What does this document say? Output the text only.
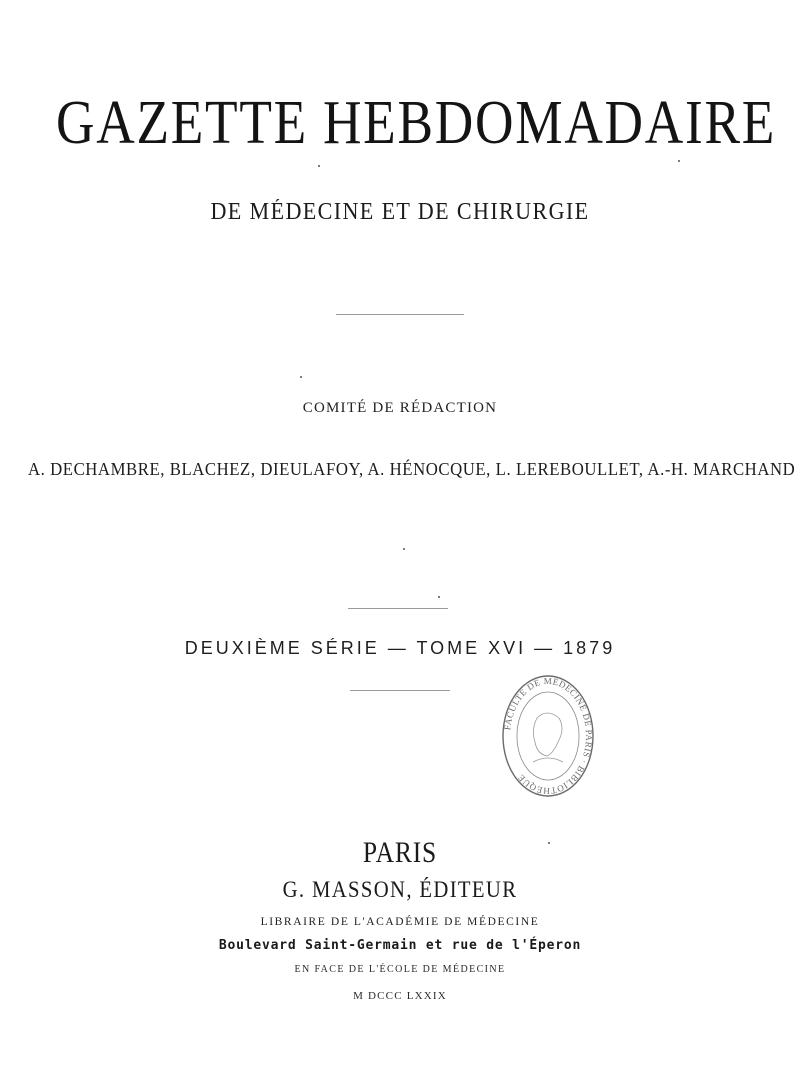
GAZETTE HEBDOMADAIRE
DE MÉDECINE ET DE CHIRURGIE
COMITÉ DE RÉDACTION
A. DECHAMBRE, BLACHEZ, DIEULAFOY, A. HÉNOCQUE, L. LEREBOULLET, A.-H. MARCHAND
DEUXIÈME SÉRIE — TOME XVI — 1879
FACULTÉ DE MÉDECINE DE PARIS · BIBLIOTHÈQUE
PARIS
G. MASSON, ÉDITEUR
LIBRAIRE DE L'ACADÉMIE DE MÉDECINE
Boulevard Saint-Germain et rue de l'Éperon
EN FACE DE L'ÉCOLE DE MÉDECINE
M DCCC LXXIX
